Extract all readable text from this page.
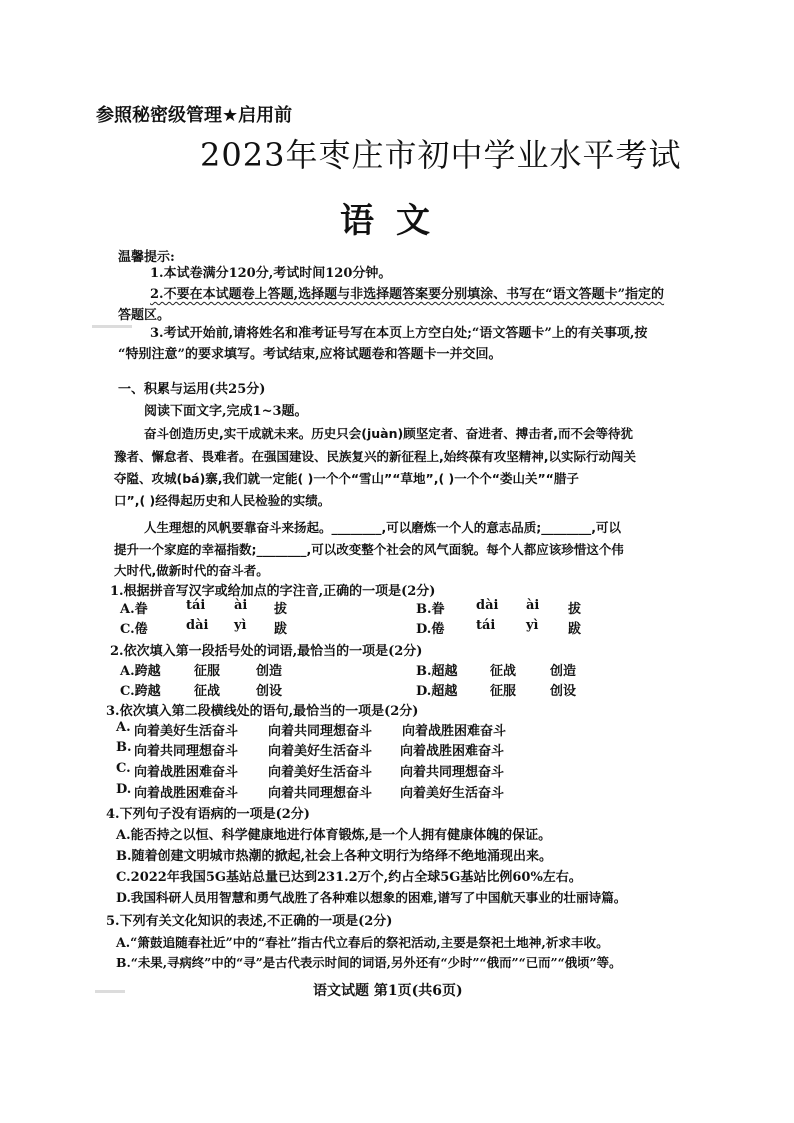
参照秘密级管理★启用前
2023年枣庄市初中学业水平考试
语文
温馨提示:
1.本试卷满分120分,考试时间120分钟。
2.不要在本试题卷上答题,选择题与非选择题答案要分别填涂、书写在“语文答题卡”指定的
答题区。
3.考试开始前,请将姓名和准考证号写在本页上方空白处;“语文答题卡”上的有关事项,按
“特别注意”的要求填写。考试结束,应将试题卷和答题卡一并交回。
一、积累与运用(共25分)
阅读下面文字,完成1~3题。
奋斗创造历史,实干成就未来。历史只会(juàn)顾坚定者、奋进者、搏击者,而不会等待犹
豫者、懈怠者、畏难者。在强国建设、民族复兴的新征程上,始终葆有攻坚精神,以实际行动闯关
夺隘、攻城(bá)寨,我们就一定能( )一个个“雪山”“草地”,( )一个个“娄山关”“腊子
口”,( )经得起历史和人民检验的实绩。
人生理想的风帆要靠奋斗来扬起。________,可以磨炼一个人的意志品质;________,可以
提升一个家庭的幸福指数;________,可以改变整个社会的风气面貌。每个人都应该珍惜这个伟
大时代,做新时代的奋斗者。
1.根据拼音写汉字或给加点的字注音,正确的一项是(2分)
A.眷	tái ài 拔	B.眷 dài ài 拔
C.倦	dài yì 跋	D.倦 tái yì 跋
2.依次填入第一段括号处的词语,最恰当的一项是(2分)
A.跨越	征服	创造	B.超越 征战	创造
C.跨越	征战	创设	D.超越	征服	创设
3.依次填入第二段横线处的语句,最恰当的一项是(2分)
A. 向着美好生活奋斗 向着共同理想奋斗 向着战胜困难奋斗
B. 向着共同理想奋斗 向着美好生活奋斗 向着战胜困难奋斗
C. 向着战胜困难奋斗 向着美好生活奋斗 向着共同理想奋斗
D. 向着战胜困难奋斗 向着共同理想奋斗 向着美好生活奋斗
4.下列句子没有语病的一项是(2分)
A.能否持之以恒、科学健康地进行体育锻炼,是一个人拥有健康体魄的保证。
B.随着创建文明城市热潮的掀起,社会上各种文明行为络绎不绝地涌现出来。
C.2022年我国5G基站总量已达到231.2万个,约占全球5G基站比例60%左右。
D.我国科研人员用智慧和勇气战胜了各种难以想象的困难,谱写了中国航天事业的壮丽诗篇。
5.下列有关文化知识的表述,不正确的一项是(2分)
A.“箫鼓追随春社近”中的“春社”指古代立春后的祭祀活动,主要是祭祀土地神,祈求丰收。
B.“未果,寻病终”中的“寻”是古代表示时间的词语,另外还有“少时”“俄而”“已而”“俄顷”等。
语文试题 第1页(共6页)
